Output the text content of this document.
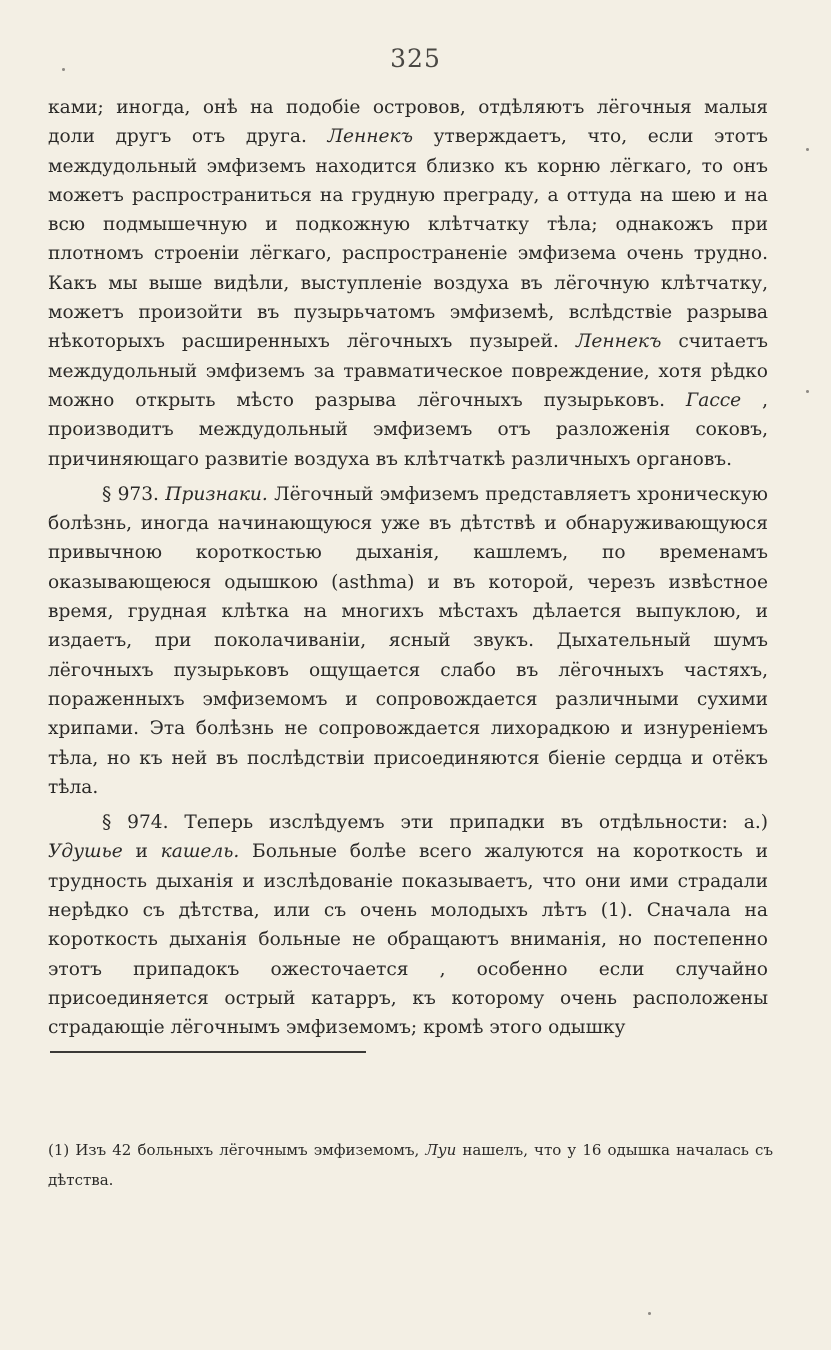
325

ками; иногда, онѣ на подобіе островов, отдѣляютъ лёгочныя малыя доли другъ отъ друга. Леннекъ утверждаетъ, что, если этотъ междудольный эмфиземъ находится близко къ корню лёгкаго, то онъ можетъ распространиться на грудную преграду, а оттуда на шею и на всю подмышечную и подкожную клѣтчатку тѣла; однакожъ при плотномъ строеніи лёгкаго, распространеніе эмфизема очень трудно. Какъ мы выше видѣли, выступленіе воздуха въ лёгочную клѣтчатку, можетъ произойти въ пузырьчатомъ эмфиземѣ, вслѣдствіе разрыва нѣкоторыхъ расширенныхъ лёгочныхъ пузырей. Леннекъ считаетъ междудольный эмфиземъ за травматическое повреждение, хотя рѣдко можно открыть мѣсто разрыва лёгочныхъ пузырьковъ. Гассе , производитъ междудольный эмфиземъ отъ разложенія соковъ, причиняющаго развитіе воздуха въ клѣтчаткѣ различныхъ органовъ.

§ 973. Признаки. Лёгочный эмфиземъ представляетъ хроническую болѣзнь, иногда начинающуюся уже въ дѣтствѣ и обнаруживающуюся привычною короткостью дыханія, кашлемъ, по временамъ оказывающеюся одышкою (asthma) и въ которой, черезъ извѣстное время, грудная клѣтка на многихъ мѣстахъ дѣлается выпуклою, и издаетъ, при поколачиваніи, ясный звукъ. Дыхательный шумъ лёгочныхъ пузырьковъ ощущается слабо въ лёгочныхъ частяхъ, пораженныхъ эмфиземомъ и сопровождается различными сухими хрипами. Эта болѣзнь не сопровождается лихорадкою и изнуреніемъ тѣла, но къ ней въ послѣдствіи присоединяются біеніе сердца и отёкъ тѣла.

§ 974. Теперь изслѣдуемъ эти припадки въ отдѣльности: а.) Удушье и кашель. Больные болѣе всего жалуются на короткость и трудность дыханія и изслѣдованіе показываетъ, что они ими страдали нерѣдко съ дѣтства, или съ очень молодыхъ лѣтъ (1). Сначала на короткость дыханія больные не обращаютъ вниманія, но постепенно этотъ припадокъ ожесточается , особенно если случайно присоединяется острый катарръ, къ которому очень расположены страдающіе лёгочнымъ эмфиземомъ; кромѣ этого одышку

(1) Изъ 42 больныхъ лёгочнымъ эмфиземомъ, Луи нашелъ, что у 16 одышка началась съ дѣтства.
